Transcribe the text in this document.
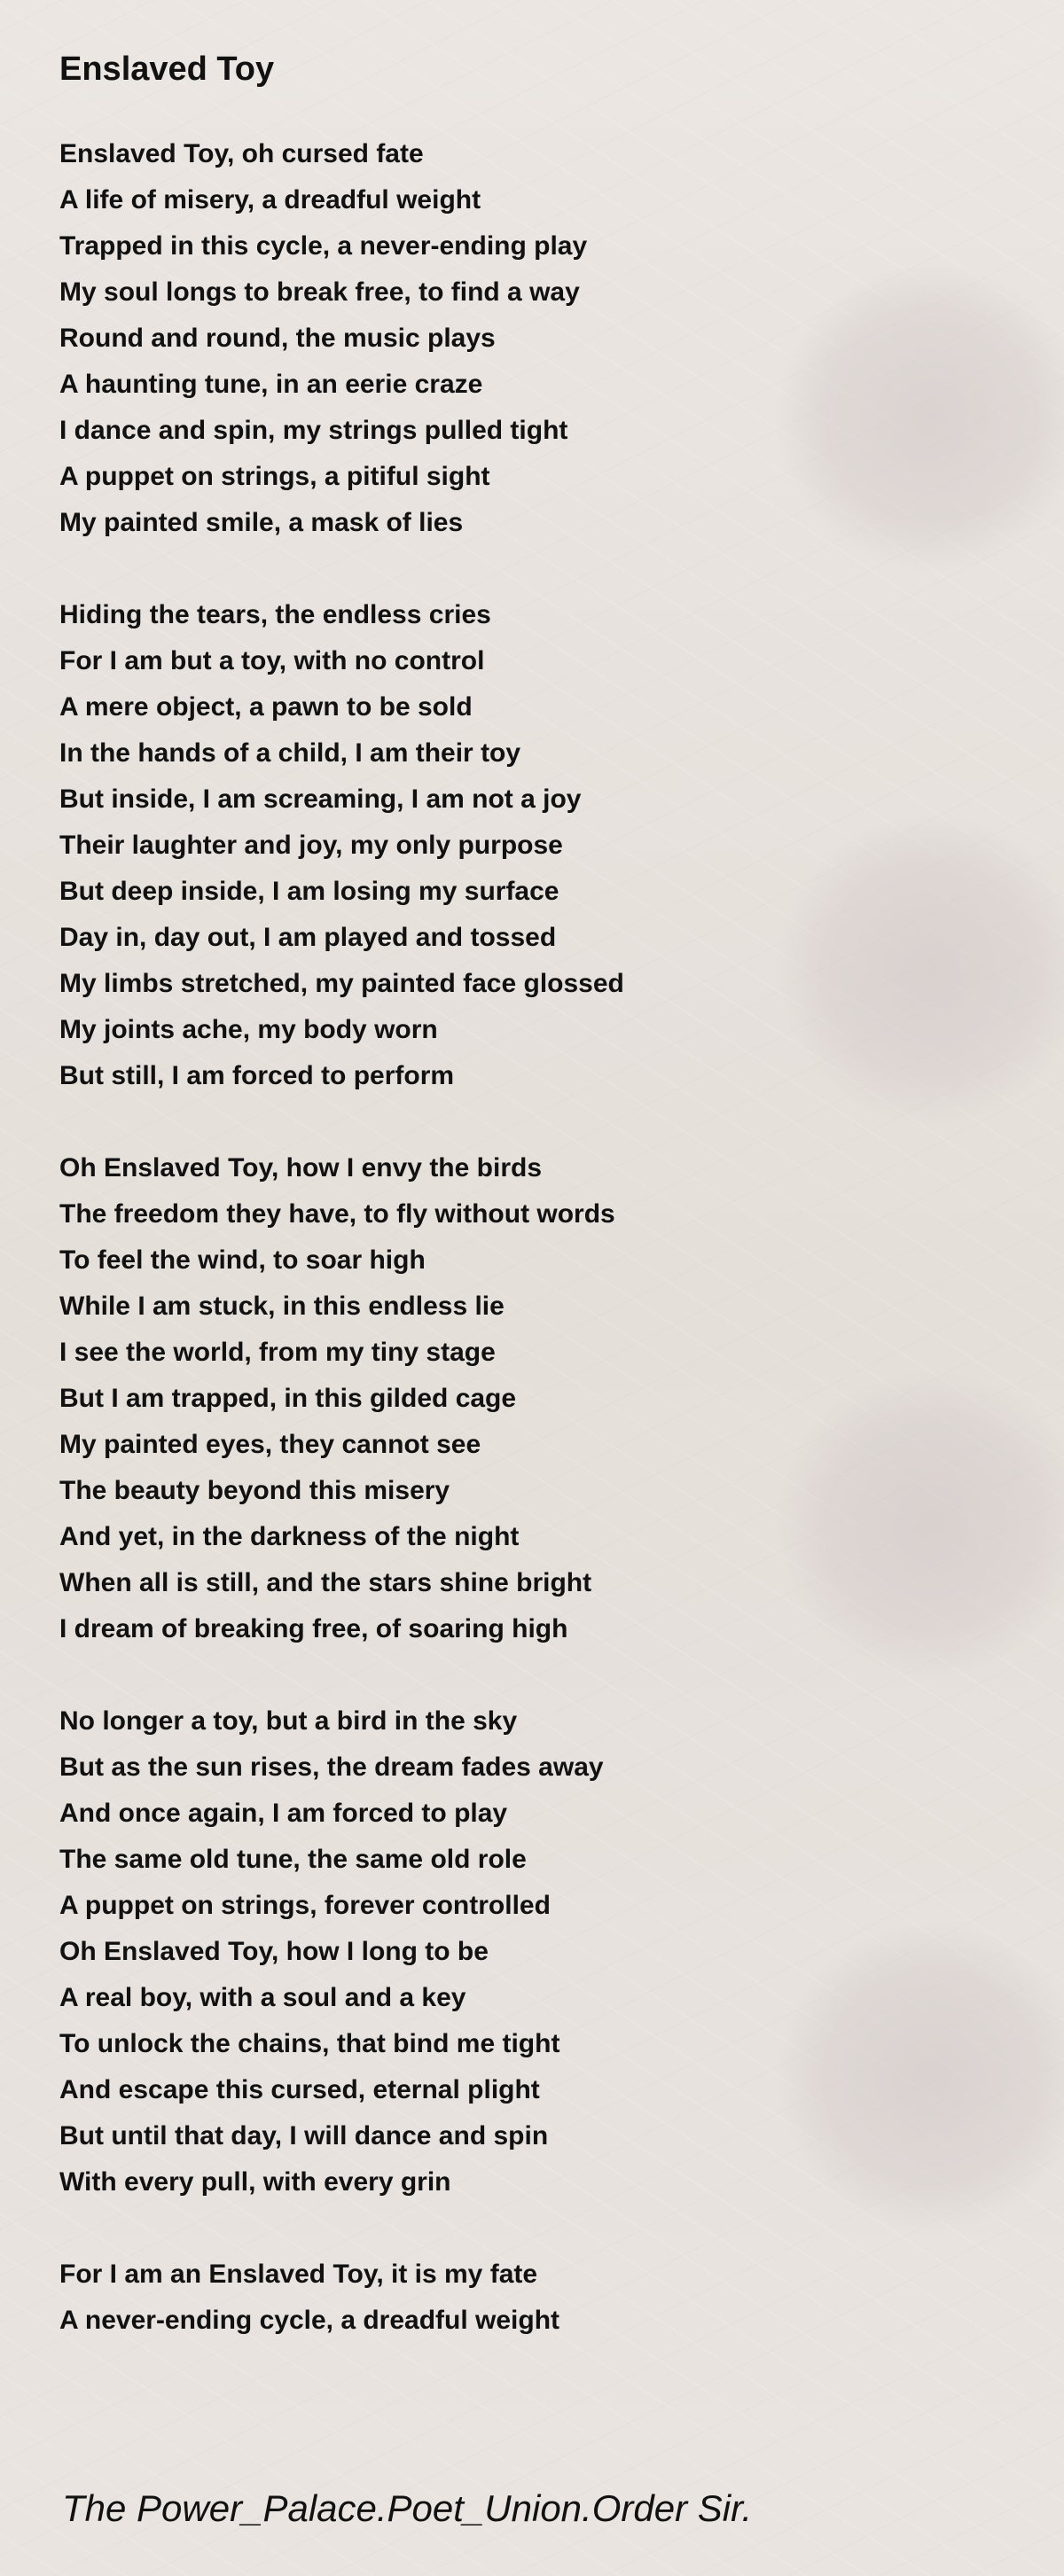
Enslaved Toy
Enslaved Toy, oh cursed fate
A life of misery, a dreadful weight
Trapped in this cycle, a never-ending play
My soul longs to break free, to find a way
Round and round, the music plays
A haunting tune, in an eerie craze
I dance and spin, my strings pulled tight
A puppet on strings, a pitiful sight
My painted smile, a mask of lies
Hiding the tears, the endless cries
For I am but a toy, with no control
A mere object, a pawn to be sold
In the hands of a child, I am their toy
But inside, I am screaming, I am not a joy
Their laughter and joy, my only purpose
But deep inside, I am losing my surface
Day in, day out, I am played and tossed
My limbs stretched, my painted face glossed
My joints ache, my body worn
But still, I am forced to perform
Oh Enslaved Toy, how I envy the birds
The freedom they have, to fly without words
To feel the wind, to soar high
While I am stuck, in this endless lie
I see the world, from my tiny stage
But I am trapped, in this gilded cage
My painted eyes, they cannot see
The beauty beyond this misery
And yet, in the darkness of the night
When all is still, and the stars shine bright
I dream of breaking free, of soaring high
No longer a toy, but a bird in the sky
But as the sun rises, the dream fades away
And once again, I am forced to play
The same old tune, the same old role
A puppet on strings, forever controlled
Oh Enslaved Toy, how I long to be
A real boy, with a soul and a key
To unlock the chains, that bind me tight
And escape this cursed, eternal plight
But until that day, I will dance and spin
With every pull, with every grin
For I am an Enslaved Toy, it is my fate
A never-ending cycle, a dreadful weight

The Power_Palace.Poet_Union.Order Sir.
